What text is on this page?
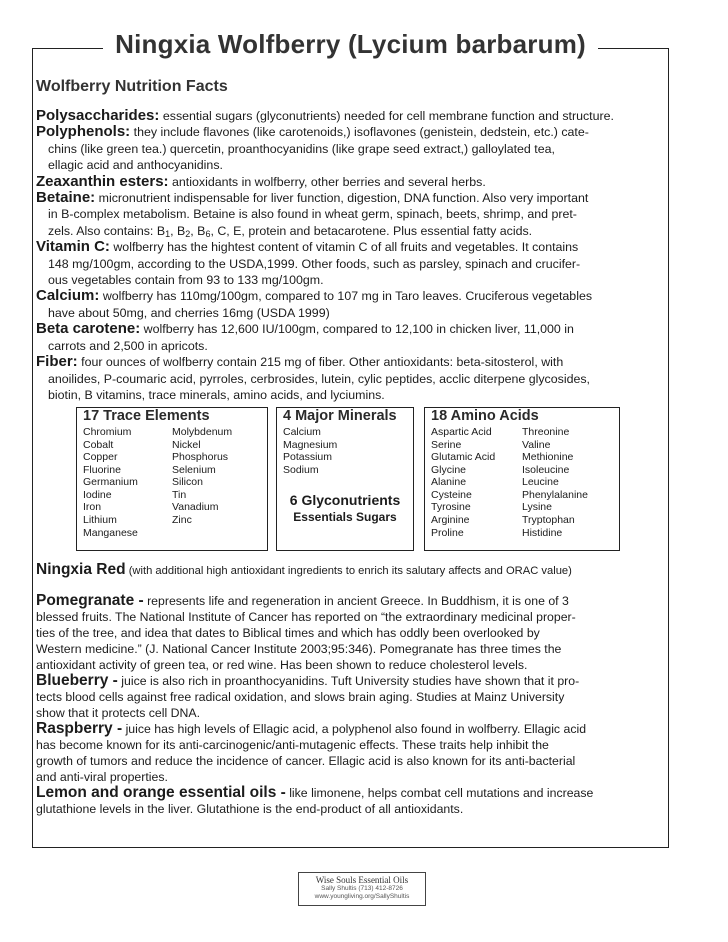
Ningxia Wolfberry (Lycium barbarum)
Wolfberry Nutrition Facts

Polysaccharides: essential sugars (glyconutrients) needed for cell membrane function and structure.

Polyphenols: they include flavones (like carotenoids,) isoflavones (genistein, dedstein, etc.) cate-
chins (like green tea.) quercetin, proanthocyanidins (like grape seed extract,) galloylated tea,
ellagic acid and anthocyanidins.

Zeaxanthin esters: antioxidants in wolfberry, other berries and several herbs.

Betaine: micronutrient indispensable for liver function, digestion, DNA function. Also very important
in B-complex metabolism. Betaine is also found in wheat germ, spinach, beets, shrimp, and pret-
zels. Also contains: $B_1$, $B_2$, $B_6$, C, E, protein and betacarotene. Plus essential fatty acids.

Vitamin C: wolfberry has the hightest content of vitamin C of all fruits and vegetables. It contains
148 mg/100gm, according to the USDA,1999. Other foods, such as parsley, spinach and crucifer-
ous vegetables contain from 93 to 133 mg/100gm.

Calcium: wolfberry has 110mg/100gm, compared to 107 mg in Taro leaves. Cruciferous vegetables
have about 50mg, and cherries 16mg (USDA 1999)

Beta carotene: wolfberry has 12,600 IU/100gm, compared to 12,100 in chicken liver, 11,000 in
carrots and 2,500 in apricots.

Fiber: four ounces of wolfberry contain 215 mg of fiber. Other antioxidants: beta-sitosterol, with
anoilides, P-coumaric acid, pyrroles, cerbrosides, lutein, cylic peptides, acclic diterpene glycosides,
biotin, B vitamins, trace minerals, amino acids, and lyciumins.

17 Trace Elements
Chromium
Cobalt
Copper
Fluorine
Germanium
Iodine
Iron
Lithium
Manganese
Molybdenum
Nickel
Phosphorus
Selenium
Silicon
Tin
Vanadium
Zinc
4 Major Minerals
Calcium
Magnesium
Potassium
Sodium
6 Glyconutrients
Essentials Sugars
18 Amino Acids
Aspartic Acid
Serine
Glutamic Acid
Glycine
Alanine
Cysteine
Tyrosine
Arginine
Proline
Threonine
Valine
Methionine
Isoleucine
Leucine
Phenylalanine
Lysine
Tryptophan
Histidine
Ningxia Red (with additional high antioxidant ingredients to enrich its salutary affects and ORAC value)

Pomegranate - represents life and regeneration in ancient Greece. In Buddhism, it is one of 3
blessed fruits. The National Institute of Cancer has reported on “the extraordinary medicinal proper-
ties of the tree, and idea that dates to Biblical times and which has oddly been overlooked by
Western medicine.” (J. National Cancer Institute 2003;95:346). Pomegranate has three times the
antioxidant activity of green tea, or red wine. Has been shown to reduce cholesterol levels.

Blueberry - juice is also rich in proanthocyanidins. Tuft University studies have shown that it pro-
tects blood cells against free radical oxidation, and slows brain aging. Studies at Mainz University
show that it protects cell DNA.

Raspberry - juice has high levels of Ellagic acid, a polyphenol also found in wolfberry. Ellagic acid
has become known for its anti-carcinogenic/anti-mutagenic effects. These traits help inhibit the
growth of tumors and reduce the incidence of cancer. Ellagic acid is also known for its anti-bacterial
and anti-viral properties.

Lemon and orange essential oils - like limonene, helps combat cell mutations and increase
glutathione levels in the liver. Glutathione is the end-product of all antioxidants.

Wise Souls Essential Oils
Sally Shultis (713) 412-8726
www.youngliving.org/SallyShultis
